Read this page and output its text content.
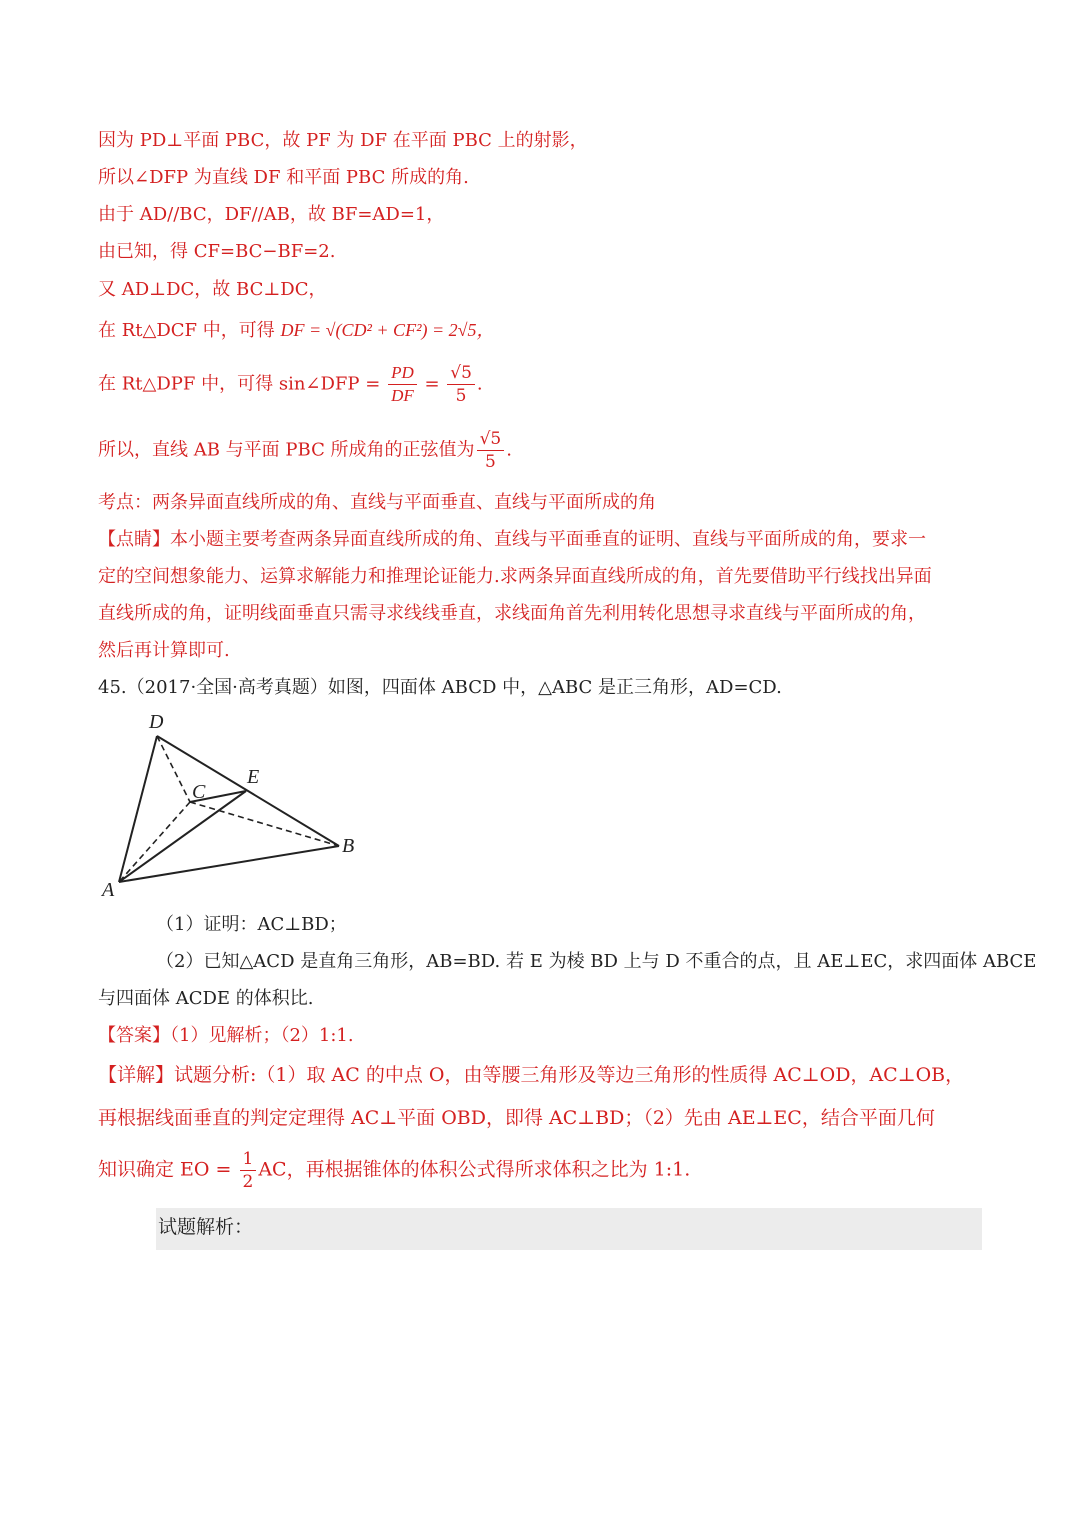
因为 PD⊥平面 PBC，故 PF 为 DF 在平面 PBC 上的射影，
所以∠DFP 为直线 DF 和平面 PBC 所成的角.
由于 AD//BC，DF//AB，故 BF=AD=1，
由已知，得 CF=BC−BF=2.
又 AD⊥DC，故 BC⊥DC，
在 Rt△DCF 中，可得 DF = √(CD² + CF²) = 2√5，
在 Rt△DPF 中，可得 sin∠DFP = $\frac{PD}{DF} = \frac{√5}{5}$ .
所以，直线 AB 与平面 PBC 所成角的正弦值为 $\frac{√5}{5}$ .
考点：两条异面直线所成的角、直线与平面垂直、直线与平面所成的角
【点睛】本小题主要考查两条异面直线所成的角、直线与平面垂直的证明、直线与平面所成的角，要求一
定的空间想象能力、运算求解能力和推理论证能力.求两条异面直线所成的角，首先要借助平行线找出异面
直线所成的角，证明线面垂直只需寻求线线垂直，求线面角首先利用转化思想寻求直线与平面所成的角，
然后再计算即可.
45.（2017·全国·高考真题）如图，四面体 ABCD 中，△ABC 是正三角形，AD=CD.
D
E
C
B
A
（1）证明：AC⊥BD；
（2）已知△ACD 是直角三角形，AB=BD. 若 E 为棱 BD 上与 D 不重合的点，且 AE⊥EC，求四面体 ABCE
与四面体 ACDE 的体积比.
【答案】（1）见解析；（2）1:1.
【详解】试题分析:（1）取 AC 的中点 O，由等腰三角形及等边三角形的性质得 AC⊥OD，AC⊥OB，
再根据线面垂直的判定定理得 AC⊥平面 OBD，即得 AC⊥BD；（2）先由 AE⊥EC，结合平面几何
知识确定 EO = $\frac{1}{2}$ AC，再根据锥体的体积公式得所求体积之比为 1:1.
试题解析：
